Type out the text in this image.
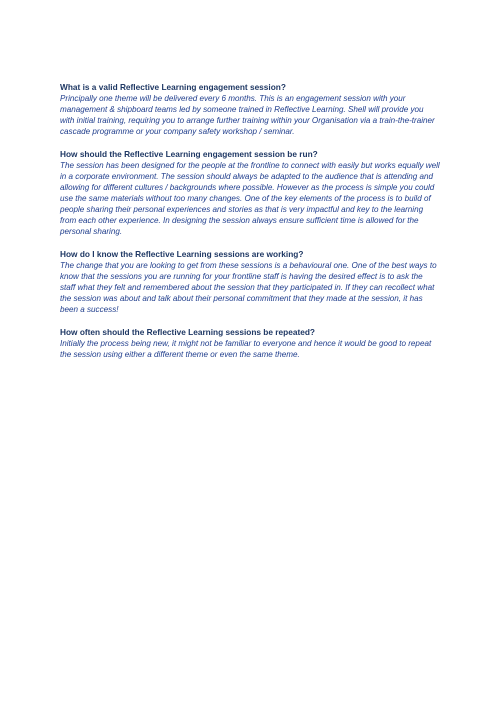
What is a valid Reflective Learning engagement session?

Principally one theme will be delivered every 6 months. This is an engagement session with your management & shipboard teams led by someone trained in Reflective Learning. Shell will provide you with initial training, requiring you to arrange further training within your Organisation via a train-the-trainer cascade programme or your company safety workshop / seminar.

How should the Reflective Learning engagement session be run?

The session has been designed for the people at the frontline to connect with easily but works equally well in a corporate environment. The session should always be adapted to the audience that is attending and allowing for different cultures / backgrounds where possible. However as the process is simple you could use the same materials without too many changes. One of the key elements of the process is to build of people sharing their personal experiences and stories as that is very impactful and key to the learning from each other experience. In designing the session always ensure sufficient time is allowed for the personal sharing.

How do I know the Reflective Learning sessions are working?

The change that you are looking to get from these sessions is a behavioural one. One of the best ways to know that the sessions you are running for your frontline staff is having the desired effect is to ask the staff what they felt and remembered about the session that they participated in. If they can recollect what the session was about and talk about their personal commitment that they made at the session, it has been a success!

How often should the Reflective Learning sessions be repeated?

Initially the process being new, it might not be familiar to everyone and hence it would be good to repeat the session using either a different theme or even the same theme.
